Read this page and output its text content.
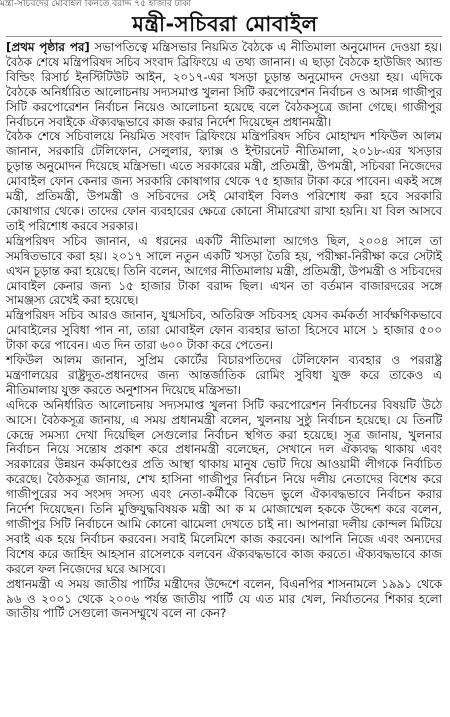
মন্ত্রী-সচিবদের মোবাইল কিনতে বরাদ্দ ৭৫ হাজার টাকা
মন্ত্রী-সচিবরা মোবাইল

[প্রথম পৃষ্ঠার পর] সভাপতিত্বে মন্ত্রিসভার নিয়মিত বৈঠকে এ নীতিমালা অনুমোদন দেওয়া হয়। বৈঠক শেষে মন্ত্রিপরিষদ সচিব সংবাদ ব্রিফিংয়ে এ তথ্য জানান। এ ছাড়া বৈঠকে হাউজিং অ্যান্ড বিল্ডিং রিসার্চ ইনস্টিটিউট আইন, ২০১৭-এর খসড়া চূড়ান্ত অনুমোদন দেওয়া হয়। এদিকে বৈঠকে অনির্ধারিত আলোচনায় সদ্যসমাপ্ত খুলনা সিটি করপোরেশন নির্বাচন ও আসন্ন গাজীপুর সিটি করপোরেশন নির্বাচন নিয়েও আলোচনা হয়েছে বলে বৈঠকসূত্রে জানা গেছে। গাজীপুর নির্বাচনে সবাইকে ঐক্যবদ্ধভাবে কাজ করার নির্দেশ দিয়েছেন প্রধানমন্ত্রী।

বৈঠক শেষে সচিবালয়ে নিয়মিত সংবাদ ব্রিফিংয়ে মন্ত্রিপরিষদ সচিব মোহাম্মদ শফিউল আলম জানান, সরকারি টেলিফোন, সেলুলার, ফ্যাক্স ও ইন্টারনেট নীতিমালা, ২০১৮-এর খসড়ার চূড়ান্ত অনুমোদন দিয়েছে মন্ত্রিসভা। এতে সরকারের মন্ত্রী, প্রতিমন্ত্রী, উপমন্ত্রী, সচিবরা নিজেদের মোবাইল ফোন কেনার জন্য সরকারি কোষাগার থেকে ৭৫ হাজার টাকা করে পাবেন। একই সঙ্গে মন্ত্রী, প্রতিমন্ত্রী, উপমন্ত্রী ও সচিবদের সেই মোবাইল বিলও পরিশোধ করা হবে সরকারি কোষাগার থেকে। তাদের ফোন ব্যবহারের ক্ষেত্রে কোনো সীমারেখা রাখা হয়নি। যা বিল আসবে তাই পরিশোধ করবে সরকার।

মন্ত্রিপরিষদ সচিব জানান, এ ধরনের একটি নীতিমালা আগেও ছিল, ২০০৪ সালে তা সমন্বিতভাবে করা হয়। ২০১৭ সালে নতুন একটি খসড়া তৈরি হয়, পরীক্ষা-নিরীক্ষা করে সেটাই এখন চূড়ান্ত করা হয়েছে। তিনি বলেন, আগের নীতিমালায় মন্ত্রী, প্রতিমন্ত্রী, উপমন্ত্রী ও সচিবদের মোবাইল কেনার জন্য ১৫ হাজার টাকা বরাদ্দ ছিল। এখন তা বর্তমান বাজারদরের সঙ্গে সামঞ্জস্য রেখেই করা হয়েছে।

মন্ত্রিপরিষদ সচিব আরও জানান, যুগ্মসচিব, অতিরিক্ত সচিবসহ যেসব কর্মকর্তা সার্বক্ষণিকভাবে মোবাইলের সুবিধা পান না, তারা মোবাইল ফোন ব্যবহার ভাতা হিসেবে মাসে ১ হাজার ৫০০ টাকা করে পাবেন। এত দিন তারা ৬০০ টাকা করে পেতেন।

শফিউল আলম জানান, সুপ্রিম কোর্টের বিচারপতিদের টেলিফোন ব্যবহার ও পররাষ্ট্র মন্ত্রণালয়ের রাষ্ট্রদূত-প্রধানদের জন্য আন্তর্জাতিক রোমিং সুবিধা যুক্ত করে তাকেও এ নীতিমালায় যুক্ত করতে অনুশাসন দিয়েছে মন্ত্রিসভা।

এদিকে অনির্ধারিত আলোচনায় সদ্যসমাপ্ত খুলনা সিটি করপোরেশন নির্বাচনের বিষয়টি উঠে আসে। বৈঠকসূত্র জানায়, এ সময় প্রধানমন্ত্রী বলেন, খুলনায় সুষ্ঠু নির্বাচন হয়েছে। যে তিনটি কেন্দ্রে সমস্যা দেখা দিয়েছিল সেগুলোর নির্বাচন স্থগিত করা হয়েছে। সূত্র জানায়, খুলনার নির্বাচন নিয়ে সন্তোষ প্রকাশ করে প্রধানমন্ত্রী বলেছেন, সেখানে দল ঐক্যবদ্ধ থাকায় এবং সরকারের উন্নয়ন কর্মকাণ্ডের প্রতি আস্থা থাকায় মানুষ ভোট দিয়ে আওয়ামী লীগকে নির্বাচিত করেছে। বৈঠকসূত্র জানায়, শেখ হাসিনা গাজীপুর নির্বাচন নিয়ে দলীয় নেতাদের বিশেষ করে গাজীপুরের সব সংসদ সদস্য এবং নেতা-কর্মীকে বিভেদ ভুলে ঐক্যবদ্ধভাবে নির্বাচন করার নির্দেশ দিয়েছেন। তিনি মুক্তিযুদ্ধবিষয়ক মন্ত্রী আ ক ম মোজাম্মেল হককে উদ্দেশ করে বলেন, গাজীপুর সিটি নির্বাচনে আমি কোনো ঝামেলা দেখতে চাই না। আপনারা দলীয় কোন্দল মিটিয়ে সবাই এক হয়ে নির্বাচন করবেন। সবাই মিলেমিশে কাজ করবেন। আপনি নিজে এবং অন্যদের বিশেষ করে জাহিদ আহসান রাসেলকে বলবেন ঐক্যবদ্ধভাবে কাজ করতে। ঐক্যবদ্ধভাবে কাজ করলে ফল নিজেদের ঘরে আসবে।

প্রধানমন্ত্রী এ সময় জাতীয় পার্টির মন্ত্রীদের উদ্দেশে বলেন, বিএনপির শাসনামলে ১৯৯১ থেকে ৯৬ ও ২০০১ থেকে ২০০৬ পর্যন্ত জাতীয় পার্টি যে এত মার খেল, নির্যাতনের শিকার হলো জাতীয় পার্টি সেগুলো জনসম্মুখে বলে না কেন?
